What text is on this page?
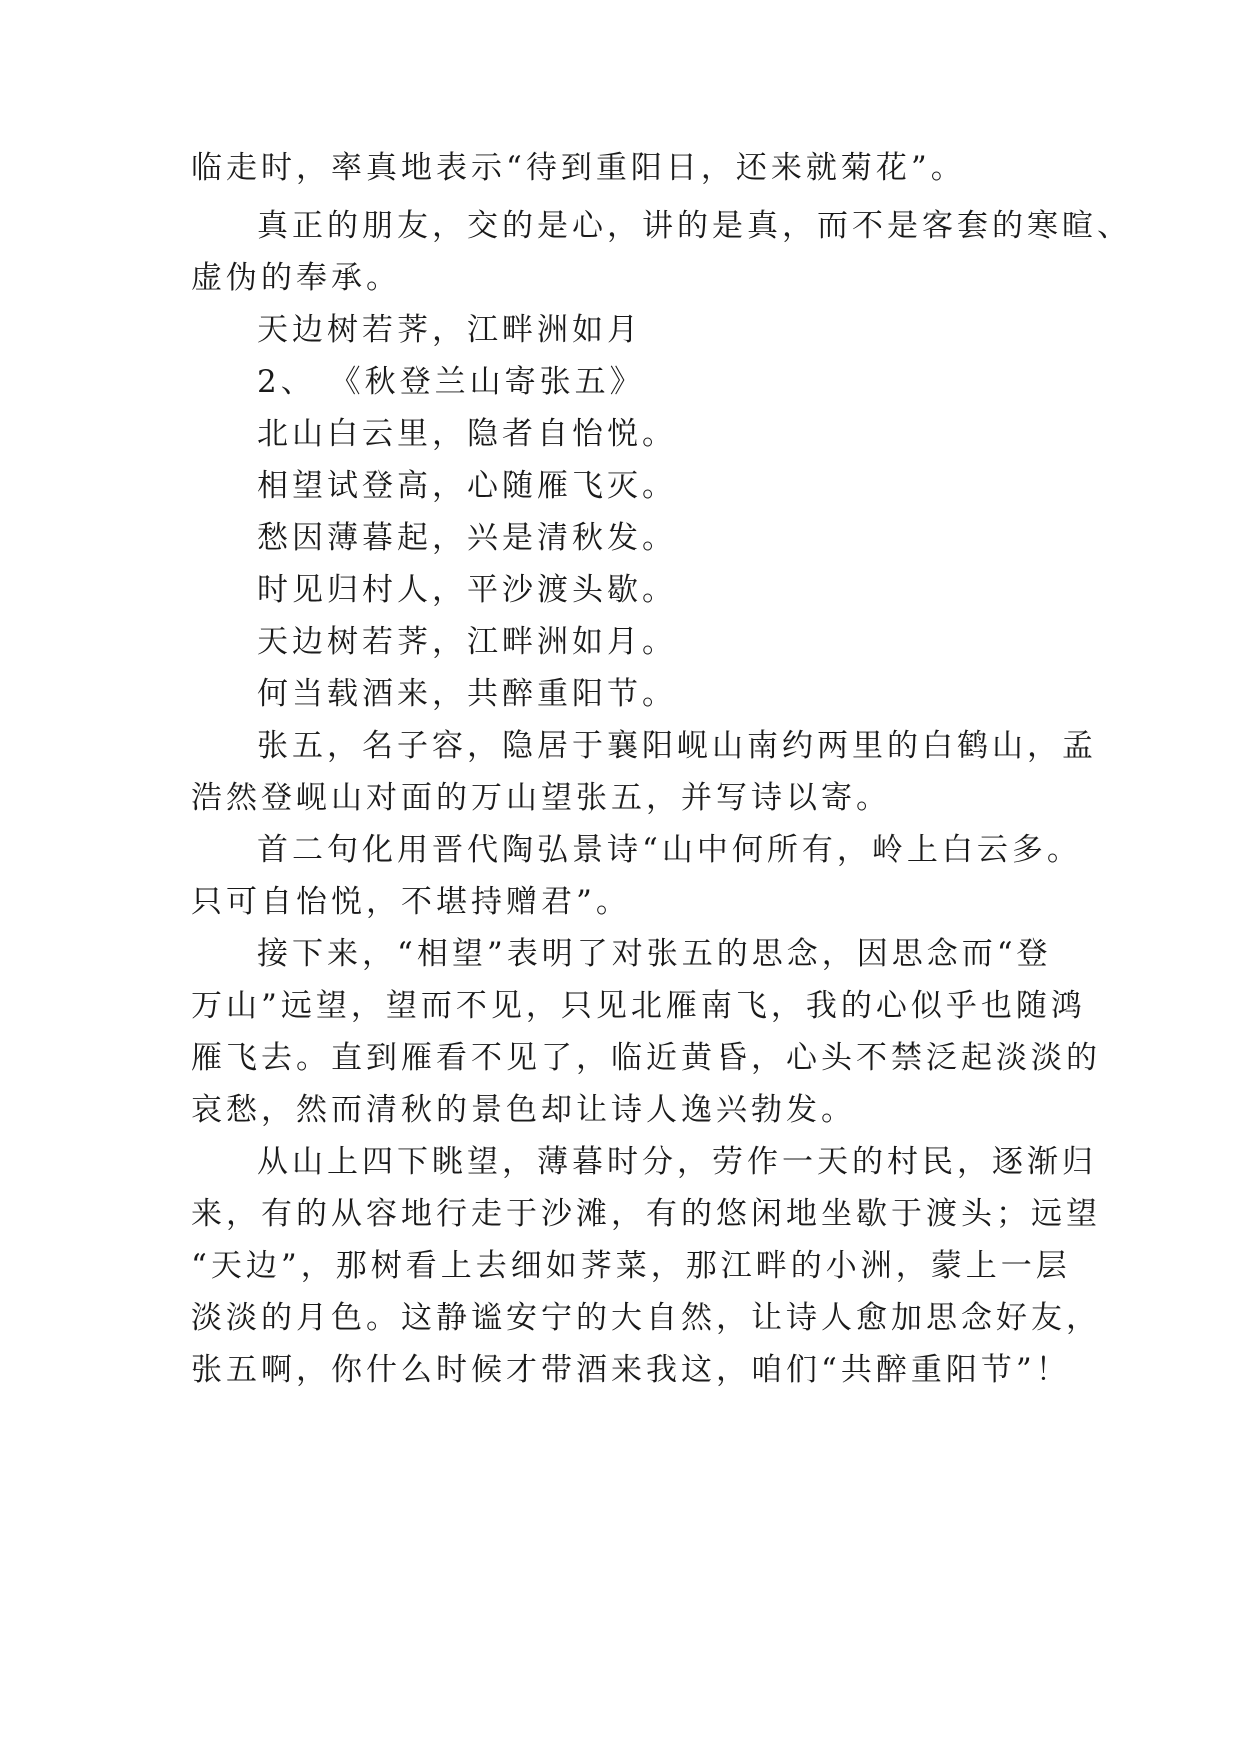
临走时，率真地表示“待到重阳日，还来就菊花”。
真正的朋友，交的是心，讲的是真，而不是客套的寒暄、
虚伪的奉承。
天边树若荠，江畔洲如月
2、 《秋登兰山寄张五》
北山白云里，隐者自怡悦。
相望试登高，心随雁飞灭。
愁因薄暮起，兴是清秋发。
时见归村人，平沙渡头歇。
天边树若荠，江畔洲如月。
何当载酒来，共醉重阳节。
张五，名子容，隐居于襄阳岘山南约两里的白鹤山，孟
浩然登岘山对面的万山望张五，并写诗以寄。
首二句化用晋代陶弘景诗“山中何所有，岭上白云多。
只可自怡悦，不堪持赠君”。
接下来，“相望”表明了对张五的思念，因思念而“登
万山”远望，望而不见，只见北雁南飞，我的心似乎也随鸿
雁飞去。直到雁看不见了，临近黄昏，心头不禁泛起淡淡的
哀愁，然而清秋的景色却让诗人逸兴勃发。
从山上四下眺望，薄暮时分，劳作一天的村民，逐渐归
来，有的从容地行走于沙滩，有的悠闲地坐歇于渡头；远望
“天边”，那树看上去细如荠菜，那江畔的小洲，蒙上一层
淡淡的月色。这静谧安宁的大自然，让诗人愈加思念好友，
张五啊，你什么时候才带酒来我这，咱们“共醉重阳节”！
